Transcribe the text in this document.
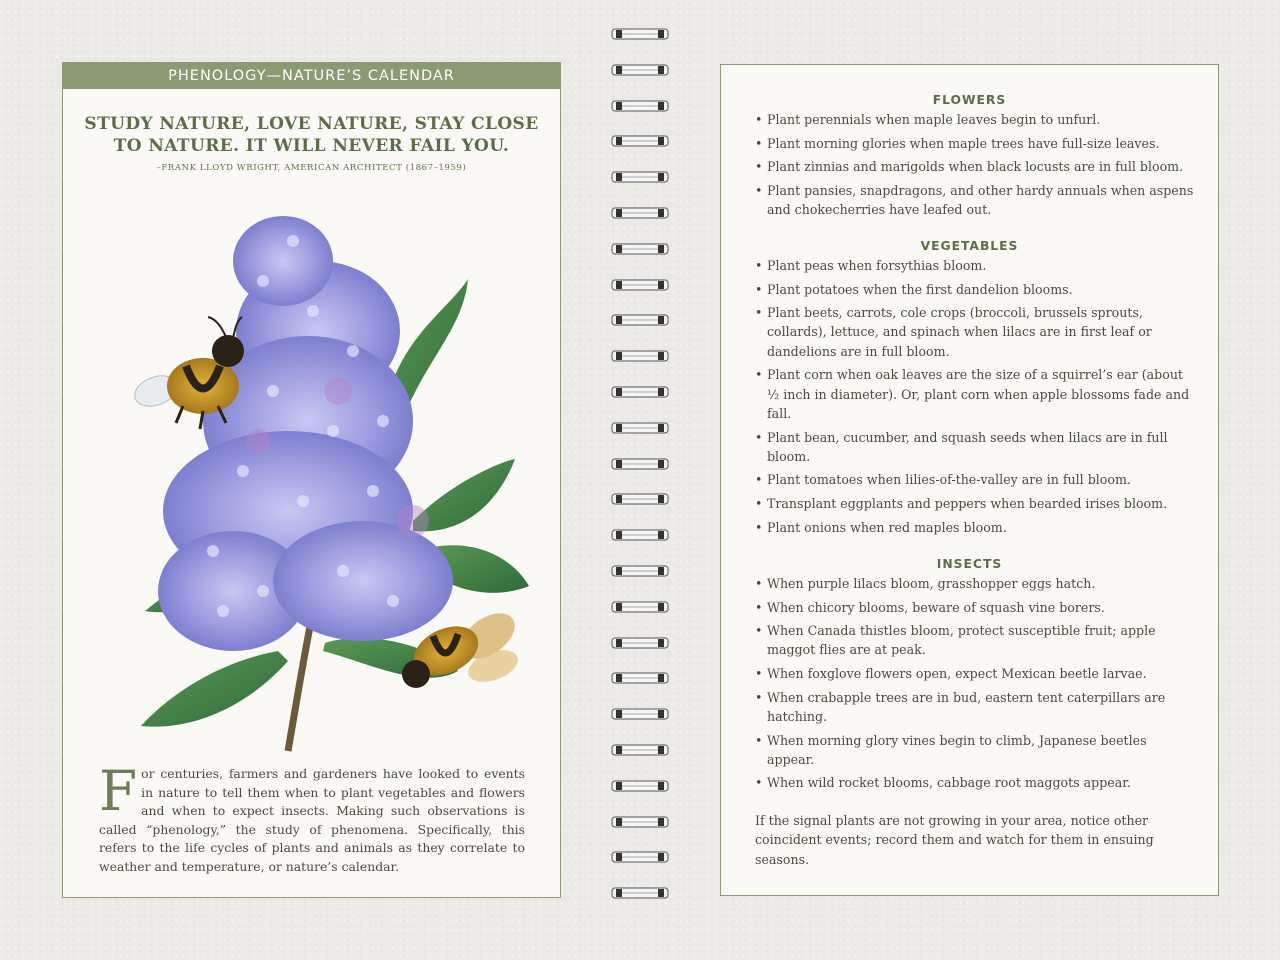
PHENOLOGY—NATURE’S CALENDAR
STUDY NATURE, LOVE NATURE, STAY CLOSE
TO NATURE. IT WILL NEVER FAIL YOU.
–FRANK LLOYD WRIGHT, AMERICAN ARCHITECT (1867–1959)

For centuries, farmers and gardeners have looked to events in nature to tell them when to plant vegetables and flowers and when to expect insects. Making such observations is called “phenology,” the study of phenomena. Specifically, this refers to the life cycles of plants and animals as they correlate to weather and temperature, or nature’s calendar.

FLOWERS
• Plant perennials when maple leaves begin to unfurl.
• Plant morning glories when maple trees have full-size leaves.
• Plant zinnias and marigolds when black locusts are in full bloom.
• Plant pansies, snapdragons, and other hardy annuals when aspens and chokecherries have leafed out.
VEGETABLES
• Plant peas when forsythias bloom.
• Plant potatoes when the first dandelion blooms.
• Plant beets, carrots, cole crops (broccoli, brussels sprouts, collards), lettuce, and spinach when lilacs are in first leaf or dandelions are in full bloom.
• Plant corn when oak leaves are the size of a squirrel’s ear (about ½ inch in diameter). Or, plant corn when apple blossoms fade and fall.
• Plant bean, cucumber, and squash seeds when lilacs are in full bloom.
• Plant tomatoes when lilies-of-the-valley are in full bloom.
• Transplant eggplants and peppers when bearded irises bloom.
• Plant onions when red maples bloom.
INSECTS
• When purple lilacs bloom, grasshopper eggs hatch.
• When chicory blooms, beware of squash vine borers.
• When Canada thistles bloom, protect susceptible fruit; apple maggot flies are at peak.
• When foxglove flowers open, expect Mexican beetle larvae.
• When crabapple trees are in bud, eastern tent caterpillars are hatching.
• When morning glory vines begin to climb, Japanese beetles appear.
• When wild rocket blooms, cabbage root maggots appear.

If the signal plants are not growing in your area, notice other coincident events; record them and watch for them in ensuing seasons.
